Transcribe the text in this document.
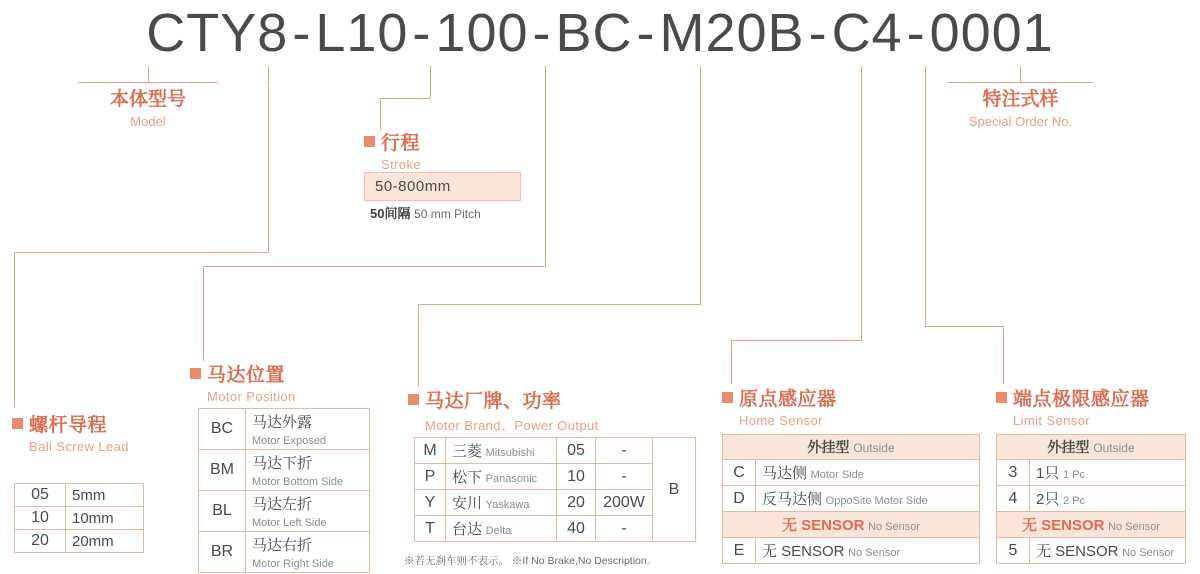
CTY8-L10-100-BC-M20B-C4-0001
本体型号
Model
特注式样
Special Order No.
行程
Stroke
50-800mm
50间隔 50 mm Pitch
螺杆导程
Ball Screw Lead
05	5mm
10	10mm
20	20mm
马达位置
Motor Position
BC	马达外露
Motor Exposed
BM	马达下折
Motor Bottom Side
BL	马达左折
Motor Left Side
BR	马达右折
Motor Right Side
马达厂牌、功率
Motor Brand、Power Output
M	三菱 Mitsubishi	05	-	B
P	松下 Panasonic	10	-	
Y	安川 Yaskawa	20	200W	
T	台达 Delta	40	-	
※若无刹车则不表示。 ※If No Brake,No Description.
原点感应器
Home Sensor
外挂型 Outside	
C	马达侧 Motor Side
D	反马达侧 OppoSite Motor Side
无 SENSOR No Sensor	
E	无 SENSOR No Sensor
端点极限感应器
Limit Sensor
外挂型 Outside	
3	1只 1 Pc
4	2只 2 Pc
无 SENSOR No Sensor	
5	无 SENSOR No Sensor
